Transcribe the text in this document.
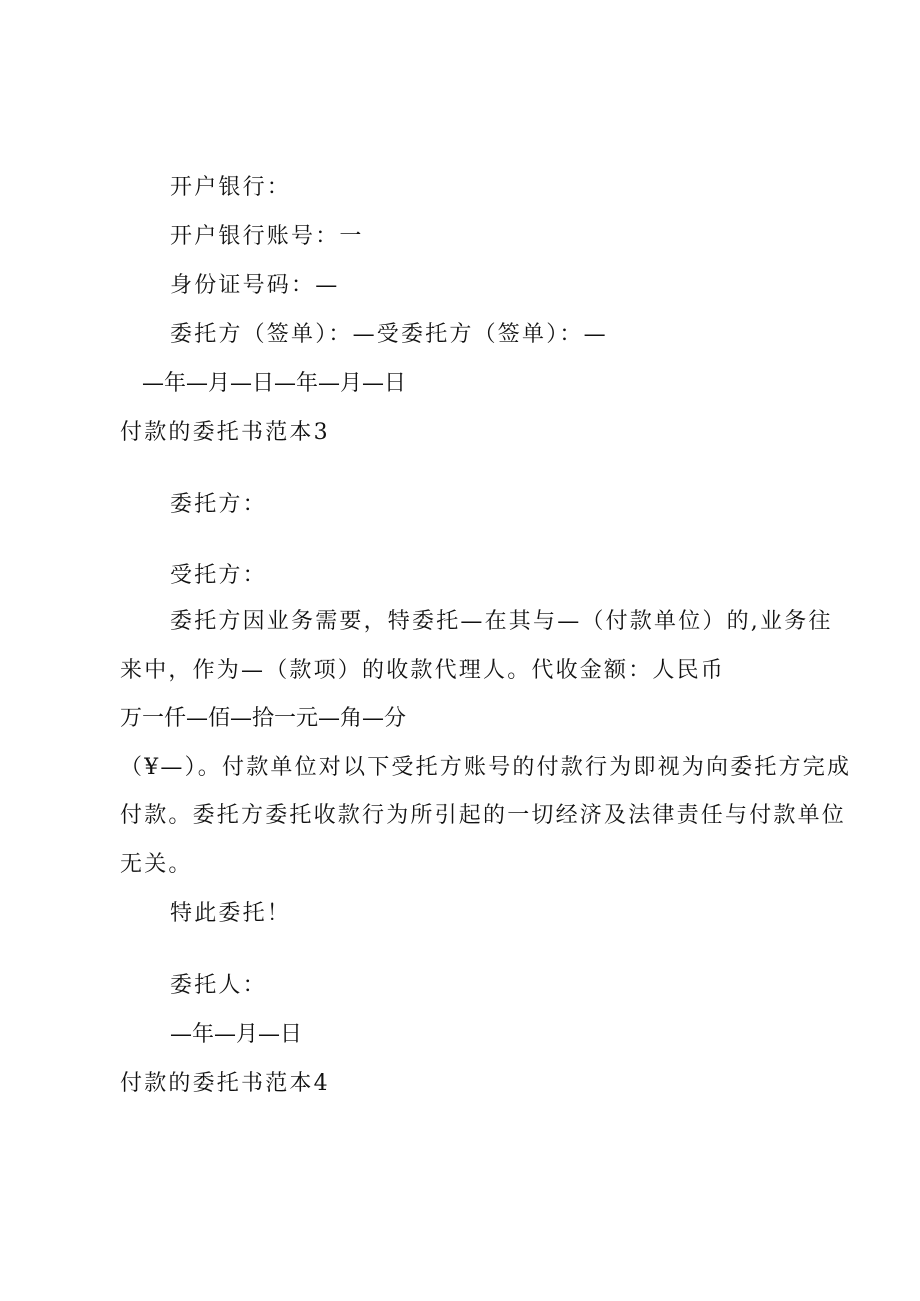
开户银行：
开户银行账号：一
身份证号码：—
委托方（签单）：—受委托方（签单）：—
—年—月—日—年—月—日
付款的委托书范本3
委托方：
受托方：
委托方因业务需要，特委托—在其与—（付款单位）的,业务往
来中，作为—（款项）的收款代理人。代收金额：人民币
万一仟—佰—拾一元—角—分
（¥—）。付款单位对以下受托方账号的付款行为即视为向委托方完成
付款。委托方委托收款行为所引起的一切经济及法律责任与付款单位
无关。
特此委托！
委托人：
—年—月—日
付款的委托书范本4
